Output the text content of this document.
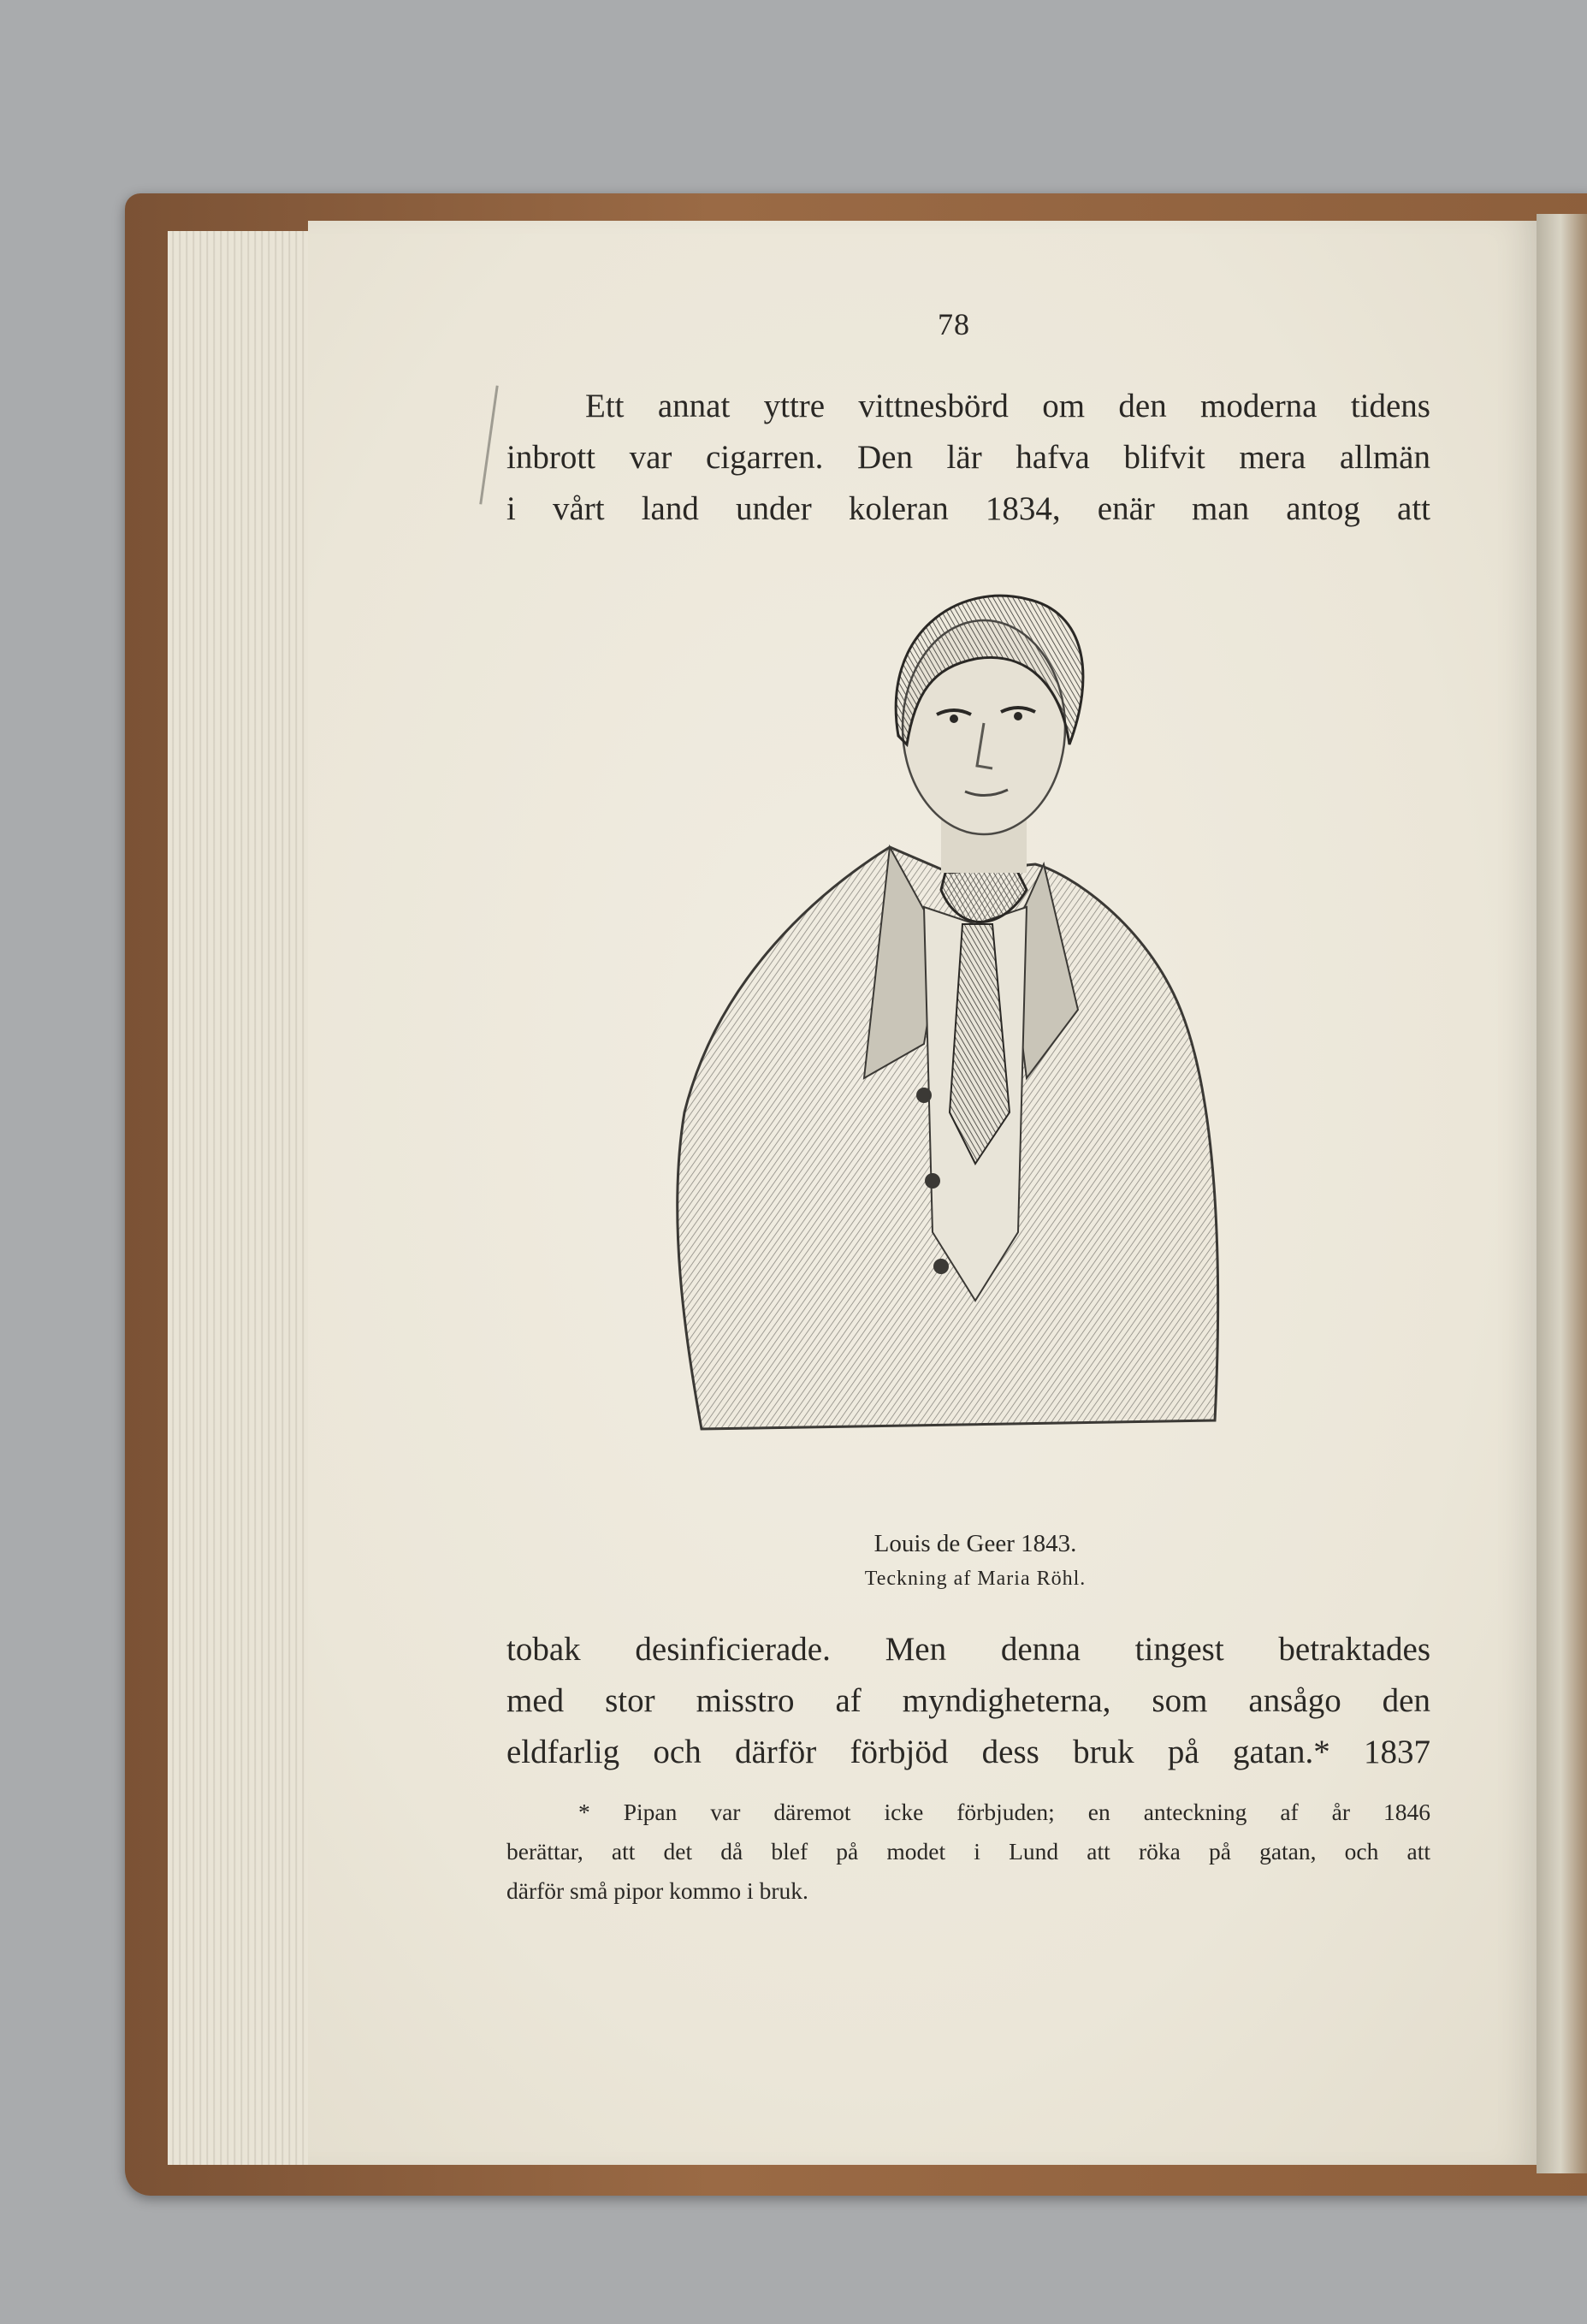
78
Ett annat yttre vittnesbörd om den moderna tidens
inbrott var cigarren. Den lär hafva blifvit mera allmän
i vårt land under koleran 1834, enär man antog att
Louis de Geer 1843.
Teckning af Maria Röhl.
tobak desinficierade. Men denna tingest betraktades
med stor misstro af myndigheterna, som ansågo den
eldfarlig och därför förbjöd dess bruk på gatan.* 1837
* Pipan var däremot icke förbjuden; en anteckning af år 1846
berättar, att det då blef på modet i Lund att röka på gatan, och att
därför små pipor kommo i bruk.
